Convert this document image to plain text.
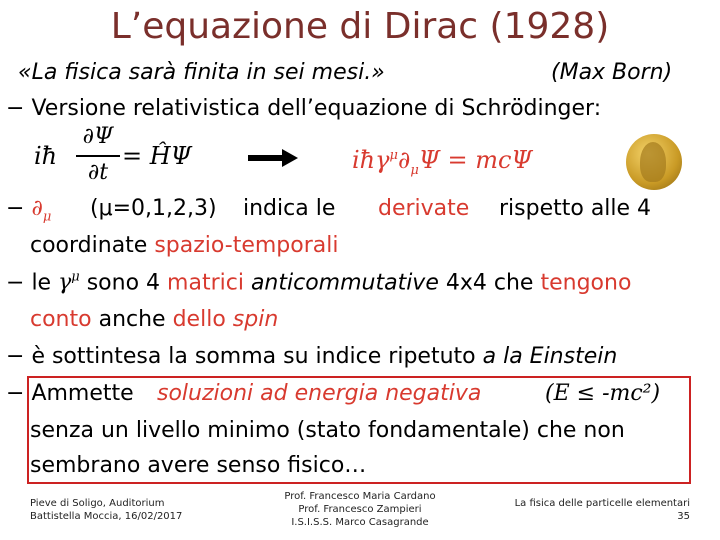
L’equazione di Dirac (1928)
«La fisica sarà finita in sei mesi.»	(Max Born)
− Versione relativistica dell’equazione di Schrödinger:
iħ
∂Ψ
∂t
= ĤΨ	$iħ\gamma^\mu\partial_\mu\Psi = mc\Psi$
− $\partial_\mu$ (μ=0,1,2,3) indica le derivate rispetto alle 4
coordinate spazio-temporali
− le $\gamma^\mu$ sono 4 matrici anticommutative 4x4 che tengono
conto anche dello spin
− è sottintesa la somma su indice ripetuto a la Einstein
− Ammette soluzioni ad energia negativa	(E ≤ -mc²)
senza un livello minimo (stato fondamentale) che non
sembrano avere senso fisico…
Pieve di Soligo, Auditorium
Battistella Moccia, 16/02/2017
Prof. Francesco Maria Cardano
Prof. Francesco Zampieri
I.S.I.S.S. Marco Casagrande
La fisica delle particelle elementari
35
